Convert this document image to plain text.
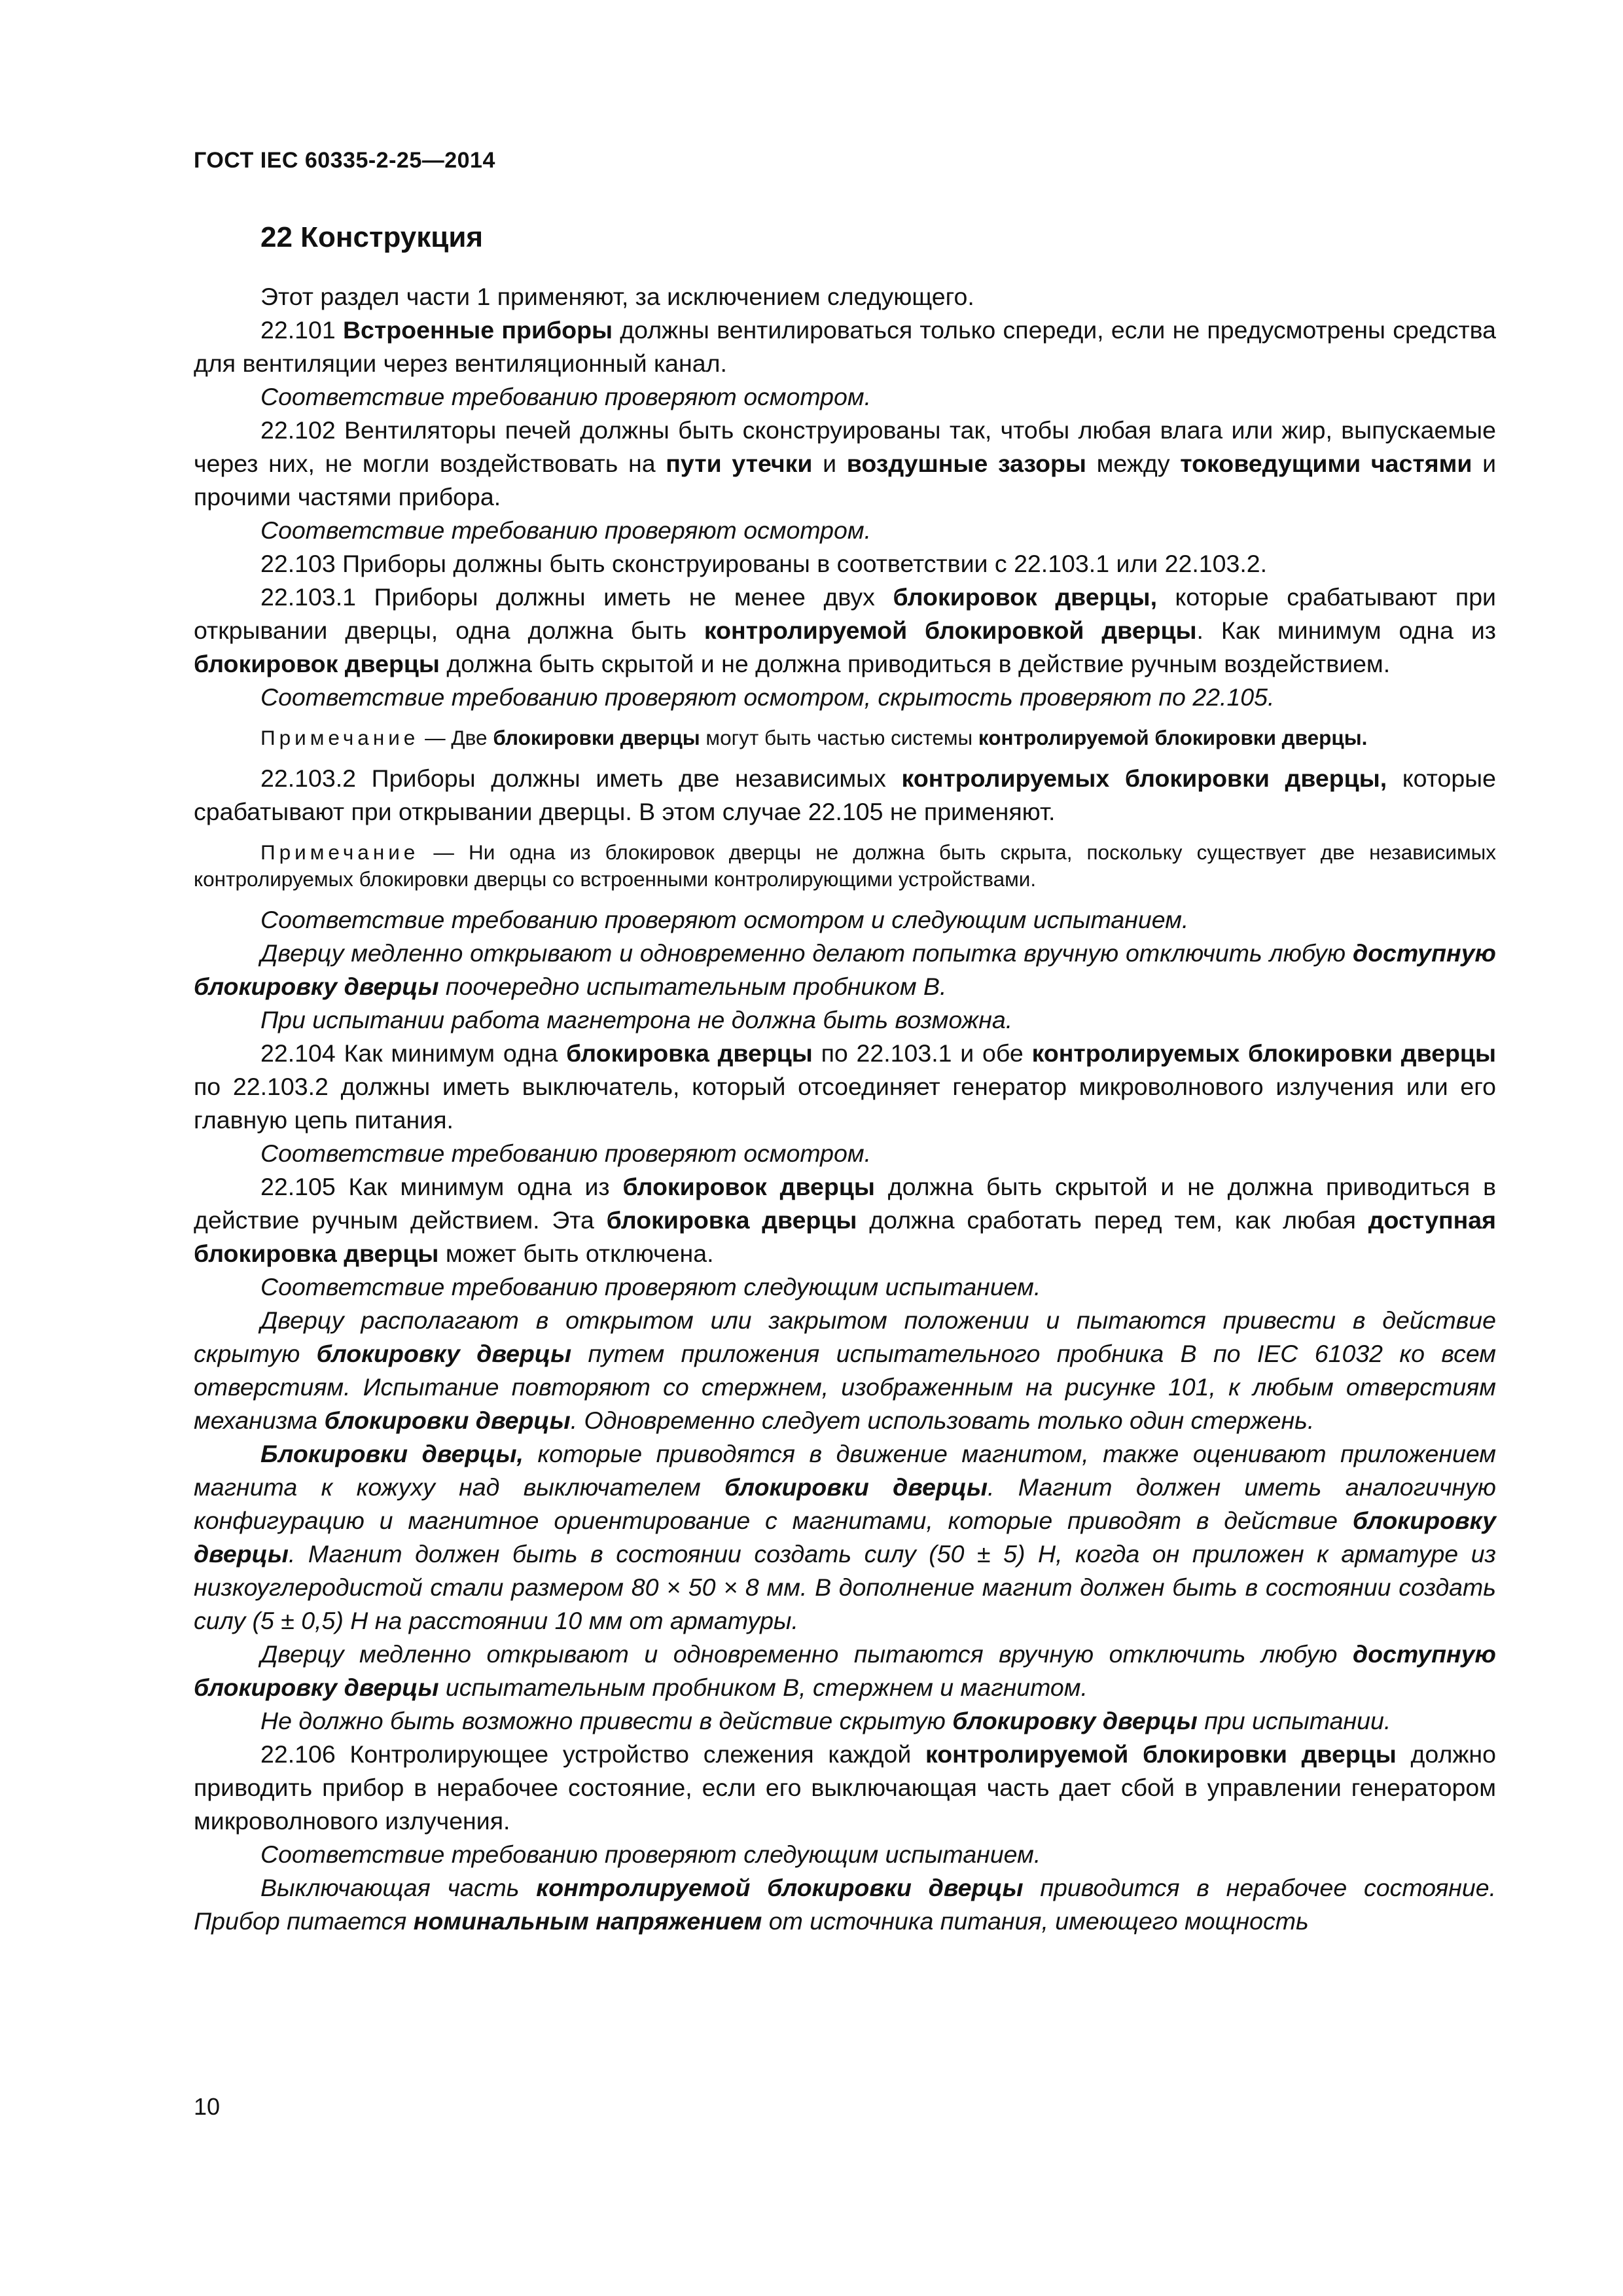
ГОСТ IEC 60335-2-25—2014
22 Конструкция

Этот раздел части 1 применяют, за исключением следующего.

22.101 Встроенные приборы должны вентилироваться только спереди, если не предусмотрены средства для вентиляции через вентиляционный канал.

Соответствие требованию проверяют осмотром.

22.102 Вентиляторы печей должны быть сконструированы так, чтобы любая влага или жир, выпускаемые через них, не могли воздействовать на пути утечки и воздушные зазоры между токоведущими частями и прочими частями прибора.

Соответствие требованию проверяют осмотром.

22.103 Приборы должны быть сконструированы в соответствии с 22.103.1 или 22.103.2.

22.103.1 Приборы должны иметь не менее двух блокировок дверцы, которые срабатывают при открывании дверцы, одна должна быть контролируемой блокировкой дверцы. Как минимум одна из блокировок дверцы должна быть скрытой и не должна приводиться в действие ручным воздействием.

Соответствие требованию проверяют осмотром, скрытость проверяют по 22.105.

Примечание — Две блокировки дверцы могут быть частью системы контролируемой блокировки дверцы.

22.103.2 Приборы должны иметь две независимых контролируемых блокировки дверцы, которые срабатывают при открывании дверцы. В этом случае 22.105 не применяют.

Примечание — Ни одна из блокировок дверцы не должна быть скрыта, поскольку существует две независимых контролируемых блокировки дверцы со встроенными контролирующими устройствами.

Соответствие требованию проверяют осмотром и следующим испытанием.

Дверцу медленно открывают и одновременно делают попытка вручную отключить любую доступную блокировку дверцы поочередно испытательным пробником В.

При испытании работа магнетрона не должна быть возможна.

22.104 Как минимум одна блокировка дверцы по 22.103.1 и обе контролируемых блокировки дверцы по 22.103.2 должны иметь выключатель, который отсоединяет генератор микроволнового излучения или его главную цепь питания.

Соответствие требованию проверяют осмотром.

22.105 Как минимум одна из блокировок дверцы должна быть скрытой и не должна приводиться в действие ручным действием. Эта блокировка дверцы должна сработать перед тем, как любая доступная блокировка дверцы может быть отключена.

Соответствие требованию проверяют следующим испытанием.

Дверцу располагают в открытом или закрытом положении и пытаются привести в действие скрытую блокировку дверцы путем приложения испытательного пробника В по IEC 61032 ко всем отверстиям. Испытание повторяют со стержнем, изображенным на рисунке 101, к любым отверстиям механизма блокировки дверцы. Одновременно следует использовать только один стержень.

Блокировки дверцы, которые приводятся в движение магнитом, также оценивают приложением магнита к кожуху над выключателем блокировки дверцы. Магнит должен иметь аналогичную конфигурацию и магнитное ориентирование с магнитами, которые приводят в действие блокировку дверцы. Магнит должен быть в состоянии создать силу (50 ± 5) Н, когда он приложен к арматуре из низкоуглеродистой стали размером 80 × 50 × 8 мм. В дополнение магнит должен быть в состоянии создать силу (5 ± 0,5) Н на расстоянии 10 мм от арматуры.

Дверцу медленно открывают и одновременно пытаются вручную отключить любую доступную блокировку дверцы испытательным пробником В, стержнем и магнитом.

Не должно быть возможно привести в действие скрытую блокировку дверцы при испытании.

22.106 Контролирующее устройство слежения каждой контролируемой блокировки дверцы должно приводить прибор в нерабочее состояние, если его выключающая часть дает сбой в управлении генератором микроволнового излучения.

Соответствие требованию проверяют следующим испытанием.

Выключающая часть контролируемой блокировки дверцы приводится в нерабочее состояние. Прибор питается номинальным напряжением от источника питания, имеющего мощность

10
